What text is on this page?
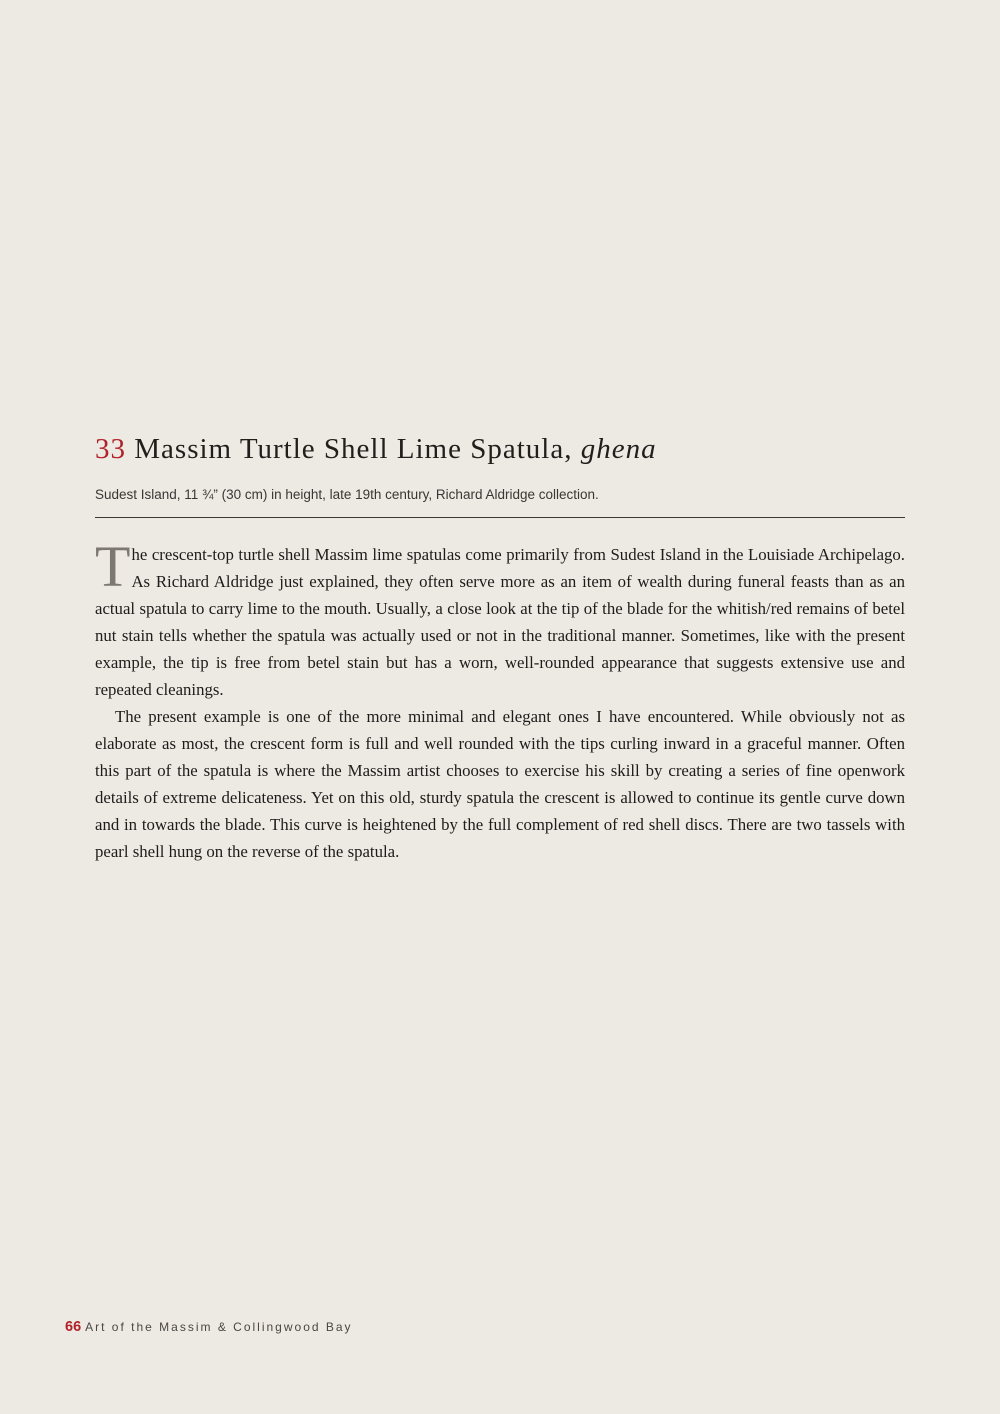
33 Massim Turtle Shell Lime Spatula, ghena
Sudest Island, 11 ¾” (30 cm) in height, late 19th century, Richard Aldridge collection.

The crescent-top turtle shell Massim lime spatulas come primarily from Sudest Island in the Louisiade Archipelago. As Richard Aldridge just explained, they often serve more as an item of wealth during funeral feasts than as an actual spatula to carry lime to the mouth. Usually, a close look at the tip of the blade for the whitish/red remains of betel nut stain tells whether the spatula was actually used or not in the traditional manner. Sometimes, like with the present example, the tip is free from betel stain but has a worn, well-rounded appearance that suggests extensive use and repeated cleanings.

The present example is one of the more minimal and elegant ones I have encountered. While obviously not as elaborate as most, the crescent form is full and well rounded with the tips curling inward in a graceful manner. Often this part of the spatula is where the Massim artist chooses to exercise his skill by creating a series of fine openwork details of extreme delicateness. Yet on this old, sturdy spatula the crescent is allowed to continue its gentle curve down and in towards the blade. This curve is heightened by the full complement of red shell discs. There are two tassels with pearl shell hung on the reverse of the spatula.

66 Art of the Massim & Collingwood Bay
